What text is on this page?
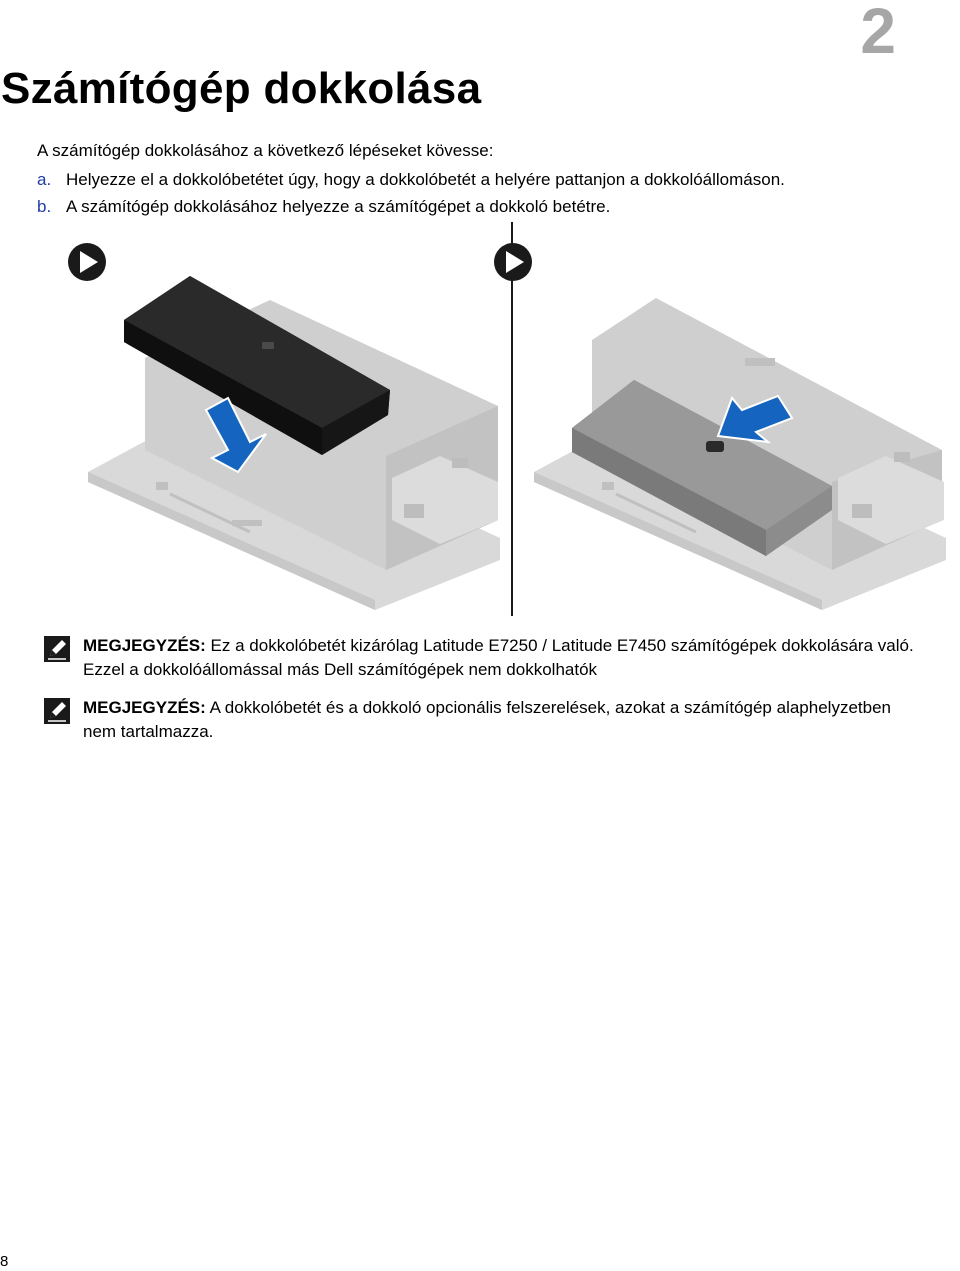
2
Számítógép dokkolása
A számítógép dokkolásához a következő lépéseket kövesse:
a. Helyezze el a dokkolóbetétet úgy, hogy a dokkolóbetét a helyére pattanjon a dokkolóállomáson.
b. A számítógép dokkolásához helyezze a számítógépet a dokkoló betétre.
MEGJEGYZÉS: Ez a dokkolóbetét kizárólag Latitude E7250 / Latitude E7450 számítógépek dokkolására való. Ezzel a dokkolóállomással más Dell számítógépek nem dokkolhatók
MEGJEGYZÉS: A dokkolóbetét és a dokkoló opcionális felszerelések, azokat a számítógép alaphelyzetben nem tartalmazza.
8
